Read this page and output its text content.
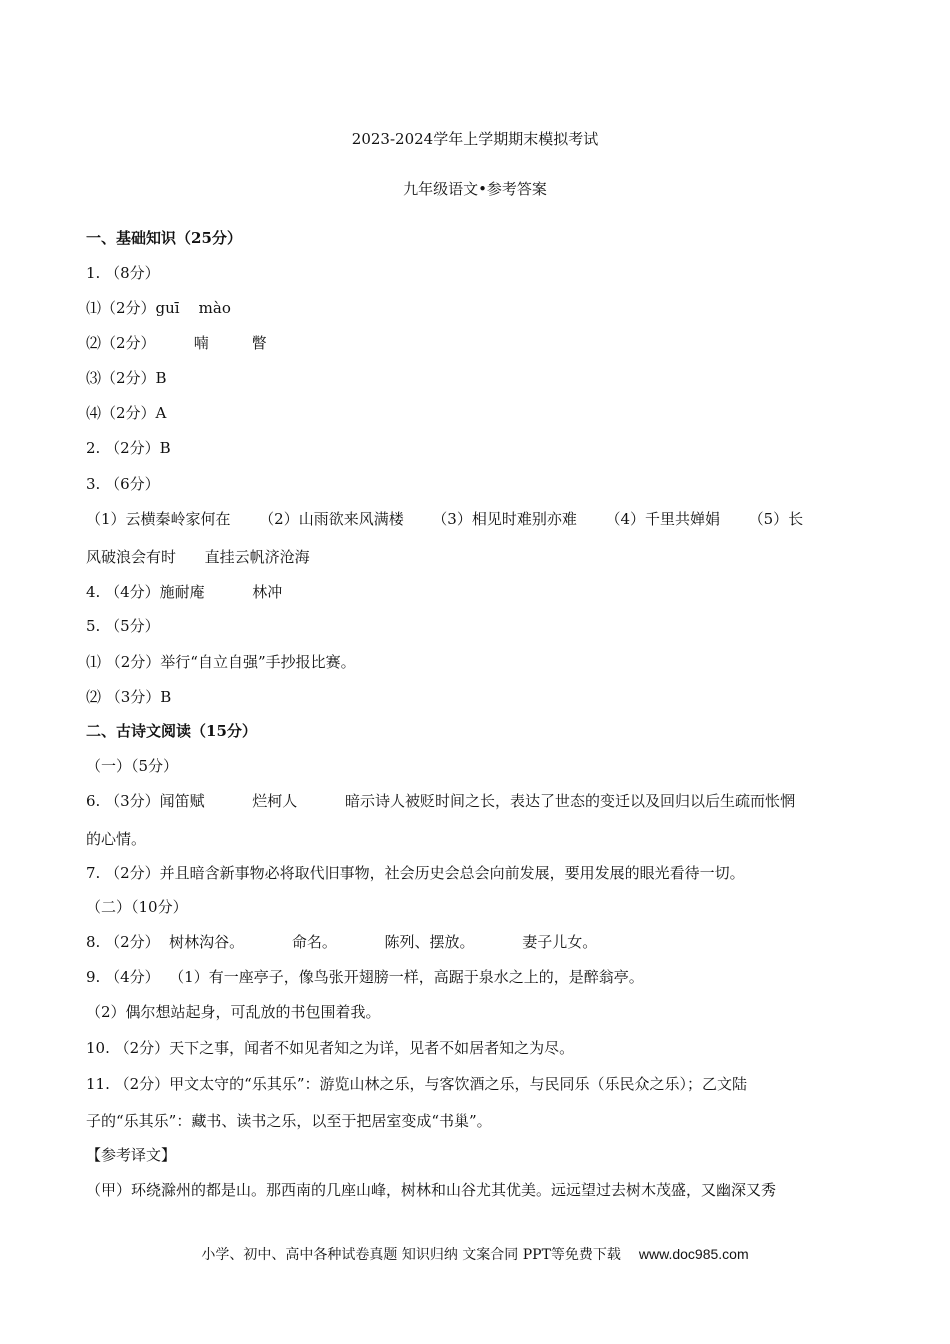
2023-2024学年上学期期末模拟考试
九年级语文•参考答案
一、基础知识（25分）
1. （8分）
⑴（2分）guī    mào
⑵（2分）        喃         瞥
⑶（2分）B
⑷（2分）A
2. （2分）B
3. （6分）
（1）云横秦岭家何在      （2）山雨欲来风满楼      （3）相见时难别亦难      （4）千里共婵娟      （5）长
风破浪会有时      直挂云帆济沧海
4. （4分）施耐庵          林冲
5. （5分）
⑴ （2分）举行“自立自强”手抄报比赛。
⑵ （3分）B
二、古诗文阅读（15分）
（一）（5分）
6. （3分）闻笛赋          烂柯人          暗示诗人被贬时间之长，表达了世态的变迁以及回归以后生疏而怅惘
的心情。
7. （2分）并且暗含新事物必将取代旧事物，社会历史会总会向前发展，要用发展的眼光看待一切。
（二）（10分）
8. （2分）  树林沟谷。          命名。          陈列、摆放。          妻子儿女。
9. （4分）  （1）有一座亭子，像鸟张开翅膀一样，高踞于泉水之上的，是醉翁亭。
（2）偶尔想站起身，可乱放的书包围着我。
10. （2分）天下之事，闻者不如见者知之为详，见者不如居者知之为尽。
11. （2分）甲文太守的“乐其乐”：游览山林之乐，与客饮酒之乐，与民同乐（乐民众之乐）；乙文陆
子的“乐其乐”：藏书、读书之乐，以至于把居室变成“书巢”。
【参考译文】
（甲）环绕滁州的都是山。那西南的几座山峰，树林和山谷尤其优美。远远望过去树木茂盛，又幽深又秀
小学、初中、高中各种试卷真题 知识归纳 文案合同 PPT等免费下载 www.doc985.com
